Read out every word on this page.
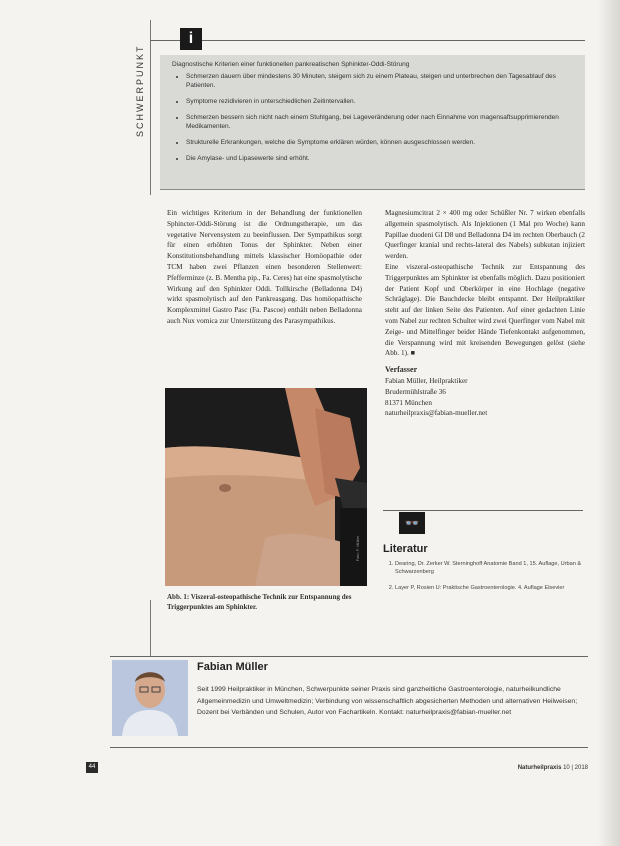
SCHWERPUNKT
i
Diagnostische Kriterien einer funktionellen pankreatischen Sphinkter-Oddi-Störung
• Schmerzen dauern über mindestens 30 Minuten, steigern sich zu einem Plateau, steigen und unterbrechen den Tagesablauf des Patienten.
• Symptome rezidivieren in unterschiedlichen Zeitintervallen.
• Schmerzen bessern sich nicht nach einem Stuhlgang, bei Lageveränderung oder nach Einnahme von magensaftsupprimierenden Medikamenten.
• Strukturelle Erkrankungen, welche die Symptome erklären würden, können ausgeschlossen werden.
• Die Amylase- und Lipasewerte sind erhöht.

Ein wichtiges Kriterium in der Behandlung der funktionellen Sphincter-Oddi-Störung ist die Ordnungstherapie, um das vegetative Nervensystem zu beeinflussen. Der Sympathikus sorgt für einen erhöhten Tonus der Sphinkter. Neben einer Konstitutionsbehandlung mittels klassischer Homöopathie oder TCM haben zwei Pflanzen einen besonderen Stellenwert: Pfefferminze (z. B. Mentha pip., Fa. Ceres) hat eine spasmolytische Wirkung auf den Sphinkter Oddi. Tollkirsche (Belladonna D4) wirkt spasmolytisch auf den Pankreasgang. Das homöopathische Komplexmittel Gastro Pasc (Fa. Pascoe) enthält neben Belladonna auch Nux vomica zur Unterstützung des Parasympathikus.

Magnesiumcitrat 2 × 400 mg oder Schüßler Nr. 7 wirken ebenfalls allgemein spasmolytisch. Als Injektionen (1 Mal pro Woche) kann Papillae duodeni GI D8 und Belladonna D4 im rechten Oberbauch (2 Querfinger kranial und rechts-lateral des Nabels) subkutan injiziert werden.

Eine viszeral-osteopathische Technik zur Entspannung des Triggerpunktes am Sphinkter ist ebenfalls möglich. Dazu positioniert der Patient Kopf und Oberkörper in eine Hochlage (negative Schräglage). Die Bauchdecke bleibt entspannt. Der Heilpraktiker steht auf der linken Seite des Patienten. Auf einer gedachten Linie vom Nabel zur rechten Schulter wird zwei Querfinger vom Nabel mit Zeige- und Mittelfinger beider Hände Tiefenkontakt aufgenommen, die Verspannung wird mit kreisenden Bewegungen gelöst (siehe Abb. 1). ■

Verfasser
Fabian Müller, Heilpraktiker
Brudermühlstraße 36
81371 München
naturheilpraxis@fabian-mueller.net
Foto: F. Müller
Abb. 1: Viszeral-osteopathische Technik zur Entspannung des Triggerpunktes am Sphinkter.
👓
Literatur
1. Dearing, Dr. Zerker W. Sterninghoff Anatomie Band 1, 15. Auflage, Urban & Schwarzenberg
2. Layer P, Rosien U: Praktische Gastroenterologie. 4. Auflage Elsevier
Fabian Müller
Seit 1999 Heilpraktiker in München, Schwerpunkte seiner Praxis sind ganzheitliche Gastroenterologie, naturheilkundliche Allgemeinmedizin und Umweltmedizin; Verbindung von wissenschaftlich abgesicherten Methoden und alternativen Heilweisen; Dozent bei Verbänden und Schulen, Autor von Fachartikeln. Kontakt: naturheilpraxis@fabian-mueller.net
44	Naturheilpraxis 10 | 2018
